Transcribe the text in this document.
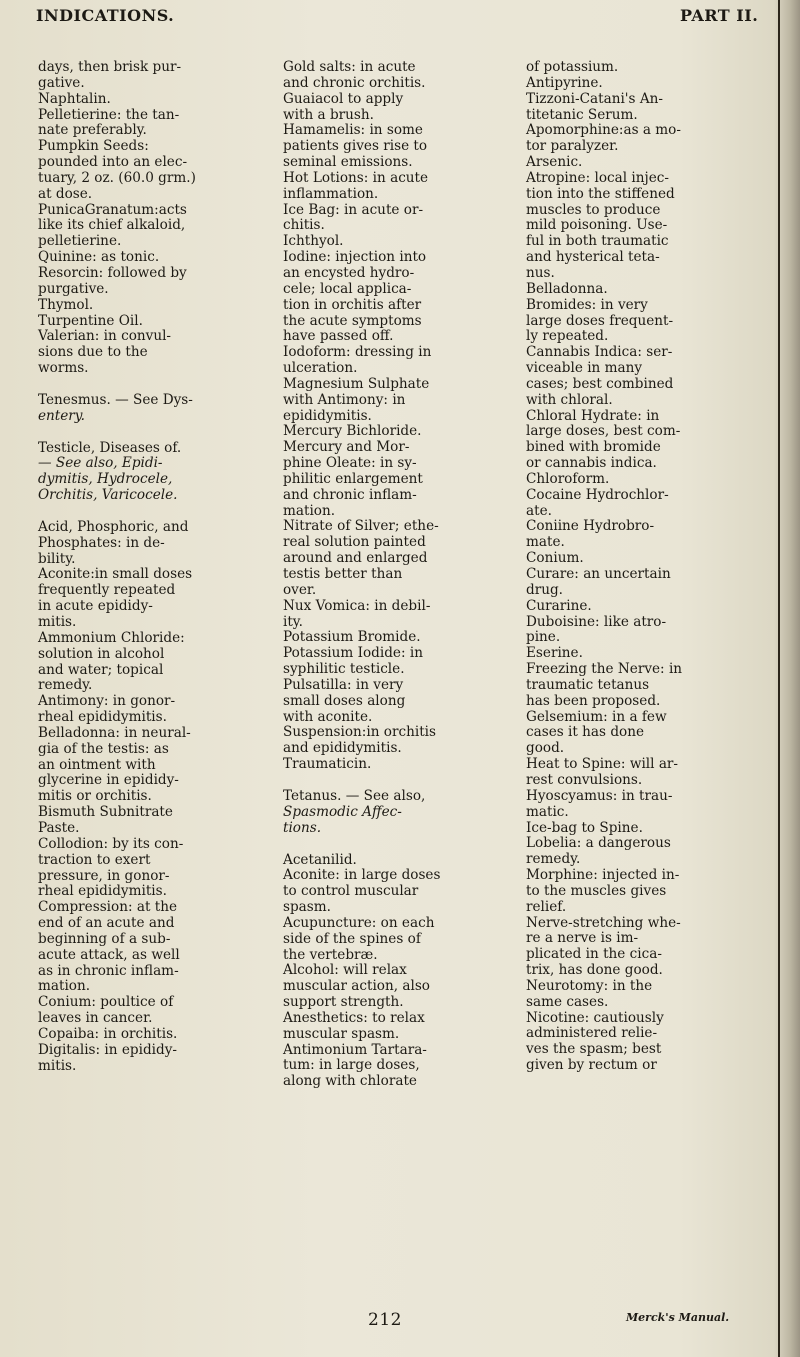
INDICATIONS.	PART II.
days, then brisk pur-
gative.
Naphtalin.
Pelletierine: the tan-
nate preferably.
Pumpkin Seeds:
pounded into an elec-
tuary, 2 oz. (60.0 grm.)
at dose.
PunicaGranatum:acts
like its chief alkaloid,
pelletierine.
Quinine: as tonic.
Resorcin: followed by
purgative.
Thymol.
Turpentine Oil.
Valerian: in convul-
sions due to the
worms.
Tenesmus. — See Dys-
entery.
Testicle, Diseases of.
— See also, Epidi-
dymitis, Hydrocele,
Orchitis, Varicocele.
Acid, Phosphoric, and
Phosphates: in de-
bility.
Aconite:in small doses
frequently repeated
in acute epididy-
mitis.
Ammonium Chloride:
solution in alcohol
and water; topical
remedy.
Antimony: in gonor-
rheal epididymitis.
Belladonna: in neural-
gia of the testis: as
an ointment with
glycerine in epididy-
mitis or orchitis.
Bismuth Subnitrate
Paste.
Collodion: by its con-
traction to exert
pressure, in gonor-
rheal epididymitis.
Compression: at the
end of an acute and
beginning of a sub-
acute attack, as well
as in chronic inflam-
mation.
Conium: poultice of
leaves in cancer.
Copaiba: in orchitis.
Digitalis: in epididy-
mitis.
Gold salts: in acute
and chronic orchitis.
Guaiacol to apply
with a brush.
Hamamelis: in some
patients gives rise to
seminal emissions.
Hot Lotions: in acute
inflammation.
Ice Bag: in acute or-
chitis.
Ichthyol.
Iodine: injection into
an encysted hydro-
cele; local applica-
tion in orchitis after
the acute symptoms
have passed off.
Iodoform: dressing in
ulceration.
Magnesium Sulphate
with Antimony: in
epididymitis.
Mercury Bichloride.
Mercury and Mor-
phine Oleate: in sy-
philitic enlargement
and chronic inflam-
mation.
Nitrate of Silver; ethe-
real solution painted
around and enlarged
testis better than
over.
Nux Vomica: in debil-
ity.
Potassium Bromide.
Potassium Iodide: in
syphilitic testicle.
Pulsatilla: in very
small doses along
with aconite.
Suspension:in orchitis
and epididymitis.
Traumaticin.
Tetanus. — See also,
Spasmodic Affec-
tions.
Acetanilid.
Aconite: in large doses
to control muscular
spasm.
Acupuncture: on each
side of the spines of
the vertebræ.
Alcohol: will relax
muscular action, also
support strength.
Anesthetics: to relax
muscular spasm.
Antimonium Tartara-
tum: in large doses,
along with chlorate
of potassium.
Antipyrine.
Tizzoni-Catani's An-
titetanic Serum.
Apomorphine:as a mo-
tor paralyzer.
Arsenic.
Atropine: local injec-
tion into the stiffened
muscles to produce
mild poisoning. Use-
ful in both traumatic
and hysterical teta-
nus.
Belladonna.
Bromides: in very
large doses frequent-
ly repeated.
Cannabis Indica: ser-
viceable in many
cases; best combined
with chloral.
Chloral Hydrate: in
large doses, best com-
bined with bromide
or cannabis indica.
Chloroform.
Cocaine Hydrochlor-
ate.
Coniine Hydrobro-
mate.
Conium.
Curare: an uncertain
drug.
Curarine.
Duboisine: like atro-
pine.
Eserine.
Freezing the Nerve: in
traumatic tetanus
has been proposed.
Gelsemium: in a few
cases it has done
good.
Heat to Spine: will ar-
rest convulsions.
Hyoscyamus: in trau-
matic.
Ice-bag to Spine.
Lobelia: a dangerous
remedy.
Morphine: injected in-
to the muscles gives
relief.
Nerve-stretching whe-
re a nerve is im-
plicated in the cica-
trix, has done good.
Neurotomy: in the
same cases.
Nicotine: cautiously
administered relie-
ves the spasm; best
given by rectum or
212	Merck's Manual.
